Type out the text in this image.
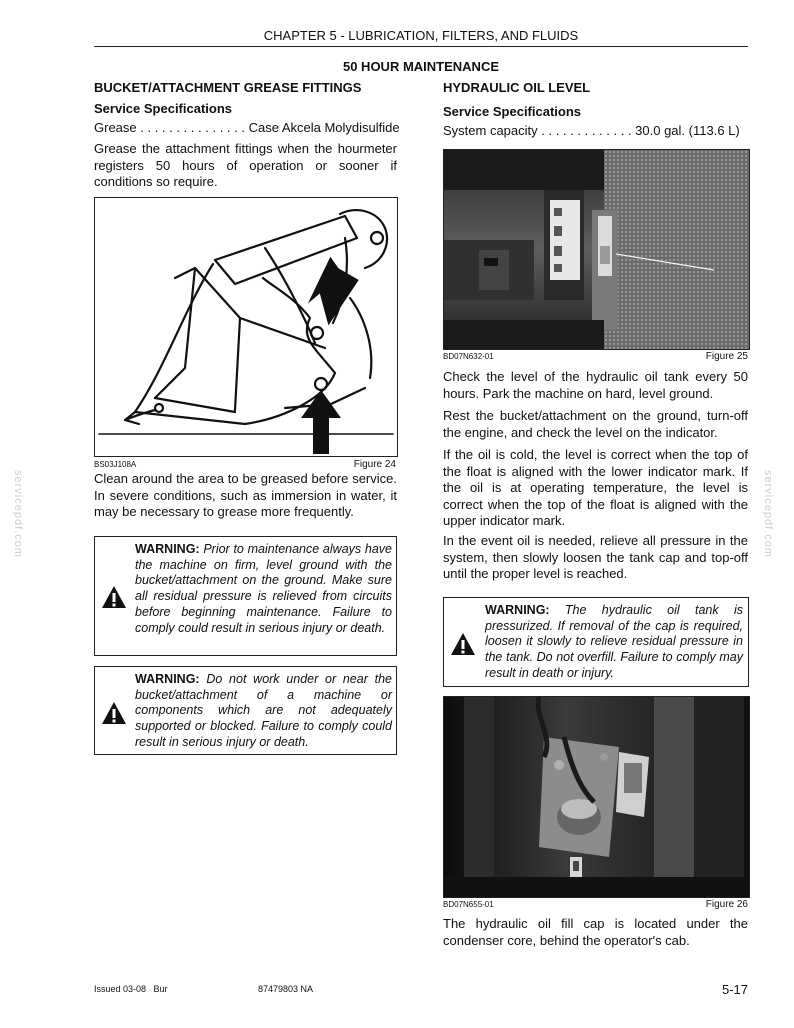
CHAPTER 5 - LUBRICATION, FILTERS, AND FLUIDS
50 HOUR MAINTENANCE
servicepdf.com	servicepdf.com
BUCKET/ATTACHMENT GREASE FITTINGS
Service Specifications
Grease . . . . . . . . . . . . . . . Case Akcela Molydisulfide
Grease the attachment fittings when the hourmeter registers 50 hours of operation or sooner if conditions so require.
BS03J108A	Figure 24
Clean around the area to be greased before service. In severe conditions, such as immersion in water, it may be necessary to grease more frequently.
WARNING: Prior to maintenance always have the machine on firm, level ground with the bucket/attachment on the ground. Make sure all residual pressure is relieved from circuits before beginning maintenance. Failure to comply could result in serious injury or death.
WARNING: Do not work under or near the bucket/attachment of a machine or components which are not adequately supported or blocked. Failure to comply could result in serious injury or death.
HYDRAULIC OIL LEVEL
Service Specifications
System capacity . . . . . . . . . . . . . 30.0 gal. (113.6 L)
BD07N632-01	Figure 25
Check the level of the hydraulic oil tank every 50 hours. Park the machine on hard, level ground.
Rest the bucket/attachment on the ground, turn-off the engine, and check the level on the indicator.
If the oil is cold, the level is correct when the top of the float is aligned with the lower indicator mark. If the oil is at operating temperature, the level is correct when the top of the float is aligned with the upper indicator mark.
In the event oil is needed, relieve all pressure in the system, then slowly loosen the tank cap and top-off until the proper level is reached.
WARNING: The hydraulic oil tank is pressurized. If removal of the cap is required, loosen it slowly to relieve residual pressure in the tank. Do not overfill. Failure to comply may result in death or injury.
BD07N655-01	Figure 26
The hydraulic oil fill cap is located under the condenser core, behind the operator's cab.
Issued 03-08   Bur	87479803 NA	5-17
